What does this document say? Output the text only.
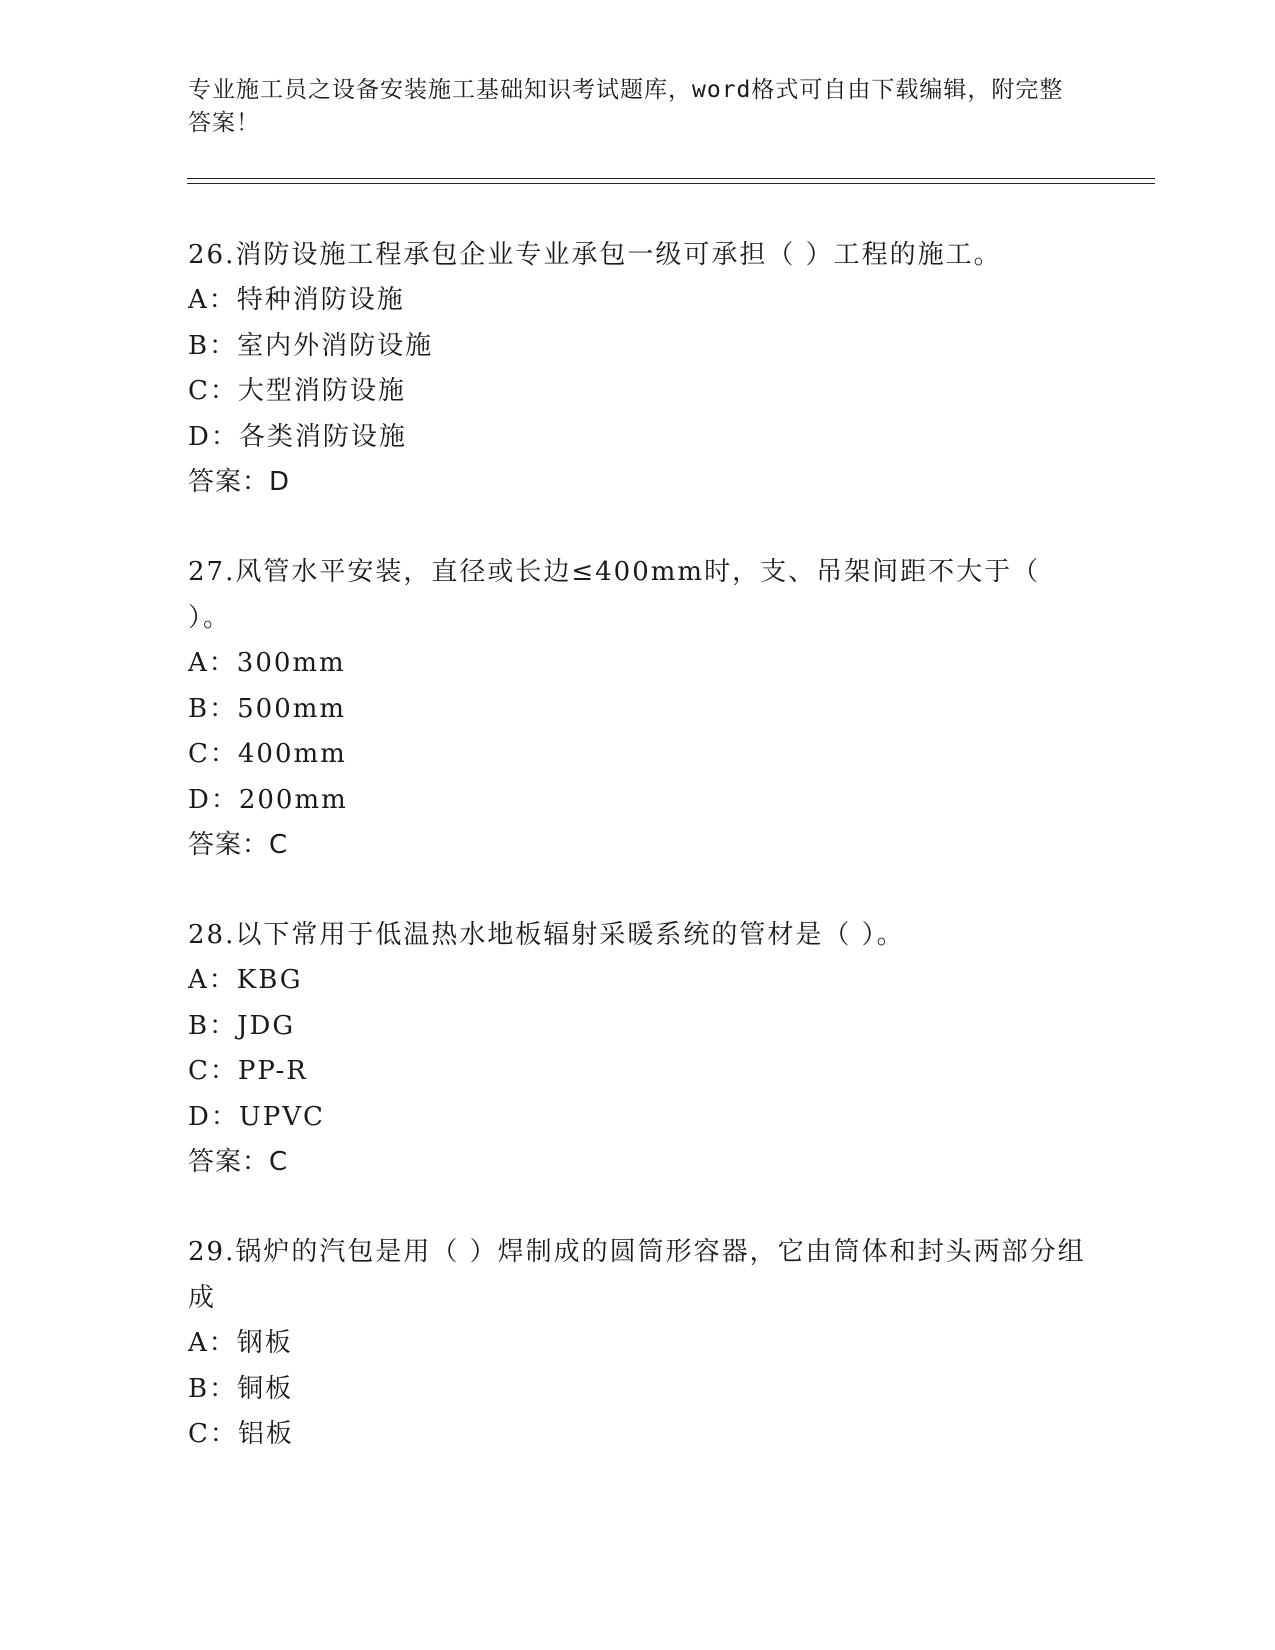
专业施工员之设备安装施工基础知识考试题库，word格式可自由下载编辑，附完整答案！

26.消防设施工程承包企业专业承包一级可承担（ ）工程的施工。

A：特种消防设施

B：室内外消防设施

C：大型消防设施

D：各类消防设施

答案：D

27.风管水平安装，直径或长边≤400mm时，支、吊架间距不大于（ ）。

A：300mm

B：500mm

C：400mm

D：200mm

答案：C

28.以下常用于低温热水地板辐射采暖系统的管材是（ ）。

A：KBG

B：JDG

C：PP-R

D：UPVC

答案：C

29.锅炉的汽包是用（ ）焊制成的圆筒形容器，它由筒体和封头两部分组成

A：钢板

B：铜板

C：铝板
